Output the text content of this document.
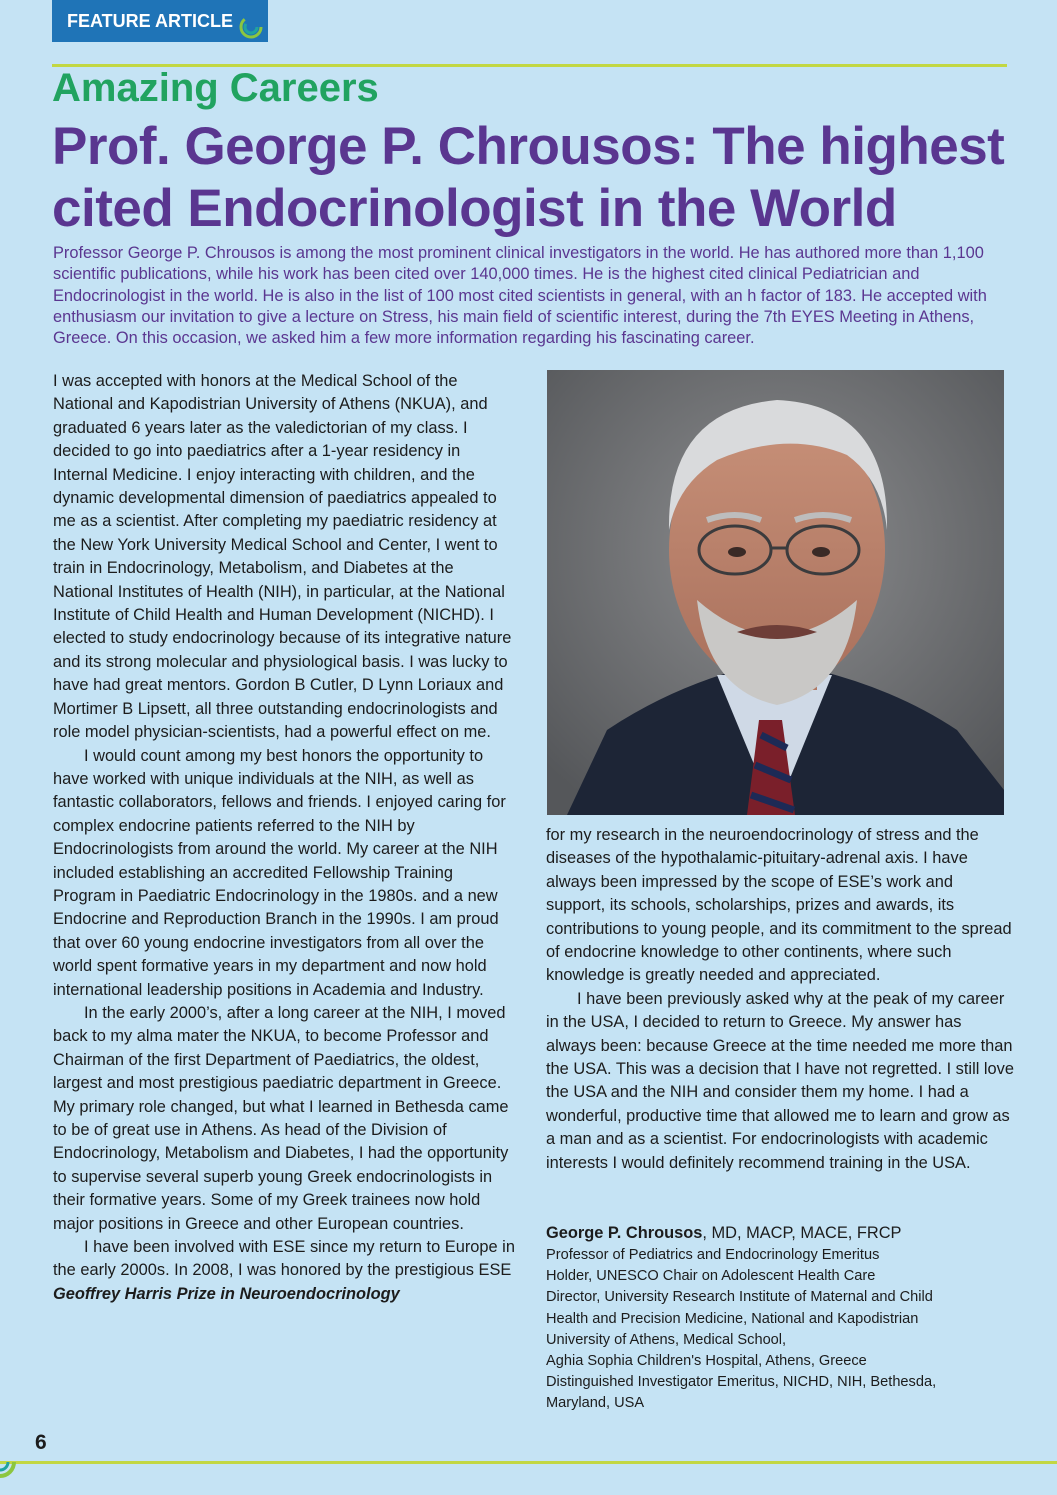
FEATURE ARTICLE
Amazing Careers
Prof. George P. Chrousos: The highest cited Endocrinologist in the World

Professor George P. Chrousos is among the most prominent clinical investigators in the world. He has authored more than 1,100 scientific publications, while his work has been cited over 140,000 times. He is the highest cited clinical Pediatrician and Endocrinologist in the world. He is also in the list of 100 most cited scientists in general, with an h factor of 183. He accepted with enthusiasm our invitation to give a lecture on Stress, his main field of scientific interest, during the 7th EYES Meeting in Athens, Greece. On this occasion, we asked him a few more information regarding his fascinating career.

I was accepted with honors at the Medical School of the National and Kapodistrian University of Athens (NKUA), and graduated 6 years later as the valedictorian of my class. I decided to go into paediatrics after a 1-year residency in Internal Medicine. I enjoy interacting with children, and the dynamic developmental dimension of paediatrics appealed to me as a scientist. After completing my paediatric residency at the New York University Medical School and Center, I went to train in Endocrinology, Metabolism, and Diabetes at the National Institutes of Health (NIH), in particular, at the National Institute of Child Health and Human Development (NICHD). I elected to study endocrinology because of its integrative nature and its strong molecular and physiological basis. I was lucky to have had great mentors. Gordon B Cutler, D Lynn Loriaux and Mortimer B Lipsett, all three outstanding endocrinologists and role model physician-scientists, had a powerful effect on me.

I would count among my best honors the opportunity to have worked with unique individuals at the NIH, as well as fantastic collaborators, fellows and friends. I enjoyed caring for complex endocrine patients referred to the NIH by Endocrinologists from around the world. My career at the NIH included establishing an accredited Fellowship Training Program in Paediatric Endocrinology in the 1980s. and a new Endocrine and Reproduction Branch in the 1990s. I am proud that over 60 young endocrine investigators from all over the world spent formative years in my department and now hold international leadership positions in Academia and Industry.

In the early 2000’s, after a long career at the NIH, I moved back to my alma mater the NKUA, to become Professor and Chairman of the first Department of Paediatrics, the oldest, largest and most prestigious paediatric department in Greece. My primary role changed, but what I learned in Bethesda came to be of great use in Athens. As head of the Division of Endocrinology, Metabolism and Diabetes, I had the opportunity to supervise several superb young Greek endocrinologists in their formative years. Some of my Greek trainees now hold major positions in Greece and other European countries.

I have been involved with ESE since my return to Europe in the early 2000s. In 2008, I was honored by the prestigious ESE Geoffrey Harris Prize in Neuroendocrinology

for my research in the neuroendocrinology of stress and the diseases of the hypothalamic-pituitary-adrenal axis. I have always been impressed by the scope of ESE’s work and support, its schools, scholarships, prizes and awards, its contributions to young people, and its commitment to the spread of endocrine knowledge to other continents, where such knowledge is greatly needed and appreciated.

I have been previously asked why at the peak of my career in the USA, I decided to return to Greece. My answer has always been: because Greece at the time needed me more than the USA. This was a decision that I have not regretted. I still love the USA and the NIH and consider them my home. I had a wonderful, productive time that allowed me to learn and grow as a man and as a scientist. For endocrinologists with academic interests I would definitely recommend training in the USA.

George P. Chrousos, MD, MACP, MACE, FRCP

Professor of Pediatrics and Endocrinology Emeritus

Holder, UNESCO Chair on Adolescent Health Care

Director, University Research Institute of Maternal and Child

Health and Precision Medicine, National and Kapodistrian

University of Athens, Medical School,

Aghia Sophia Children's Hospital, Athens, Greece

Distinguished Investigator Emeritus, NICHD, NIH, Bethesda,

Maryland, USA

6
